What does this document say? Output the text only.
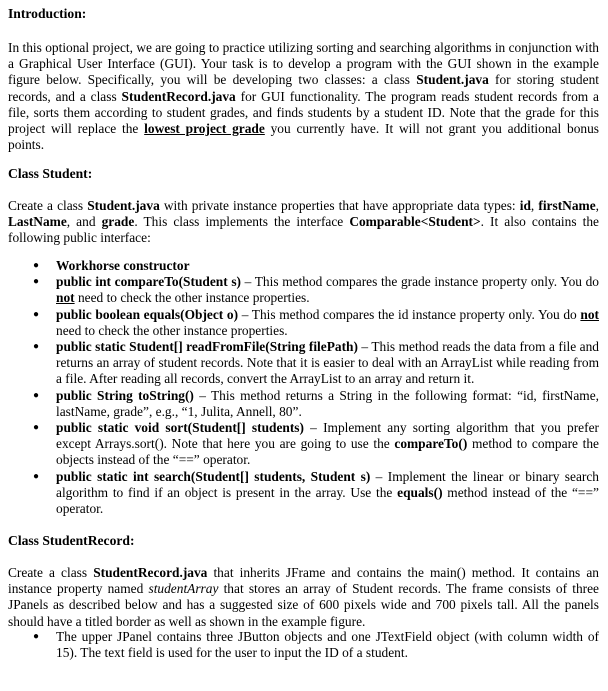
Introduction:

In this optional project, we are going to practice utilizing sorting and searching algorithms in conjunction with a Graphical User Interface (GUI). Your task is to develop a program with the GUI shown in the example figure below. Specifically, you will be developing two classes: a class Student.java for storing student records, and a class StudentRecord.java for GUI functionality. The program reads student records from a file, sorts them according to student grades, and finds students by a student ID. Note that the grade for this project will replace the lowest project grade you currently have. It will not grant you additional bonus points.

Class Student:

Create a class Student.java with private instance properties that have appropriate data types: id, firstName, LastName, and grade. This class implements the interface Comparable<Student>. It also contains the following public interface:

● Workhorse constructor
● public int compareTo(Student s) – This method compares the grade instance property only. You do not need to check the other instance properties.
● public boolean equals(Object o) – This method compares the id instance property only. You do not need to check the other instance properties.
● public static Student[] readFromFile(String filePath) – This method reads the data from a file and returns an array of student records. Note that it is easier to deal with an ArrayList while reading from a file. After reading all records, convert the ArrayList to an array and return it.
● public String toString() – This method returns a String in the following format: “id, firstName, lastName, grade”, e.g., “1, Julita, Annell, 80”.
● public static void sort(Student[] students) – Implement any sorting algorithm that you prefer except Arrays.sort(). Note that here you are going to use the compareTo() method to compare the objects instead of the “==” operator.
● public static int search(Student[] students, Student s) – Implement the linear or binary search algorithm to find if an object is present in the array. Use the equals() method instead of the “==” operator.
Class StudentRecord:

Create a class StudentRecord.java that inherits JFrame and contains the main() method. It contains an instance property named studentArray that stores an array of Student records. The frame consists of three JPanels as described below and has a suggested size of 600 pixels wide and 700 pixels tall. All the panels should have a titled border as well as shown in the example figure.

● The upper JPanel contains three JButton objects and one JTextField object (with column width of 15). The text field is used for the user to input the ID of a student.
